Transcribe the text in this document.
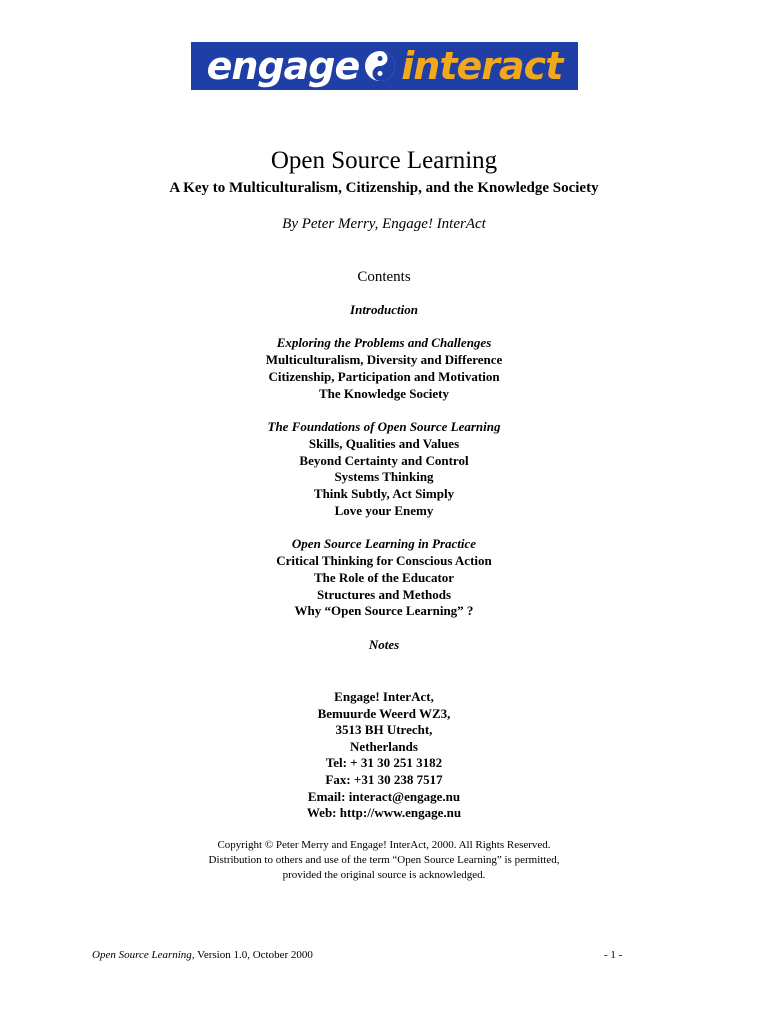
engage interact
Open Source Learning
A Key to Multiculturalism, Citizenship, and the Knowledge Society
By Peter Merry, Engage! InterAct
Contents
Introduction
Exploring the Problems and Challenges
Multiculturalism, Diversity and Difference
Citizenship, Participation and Motivation
The Knowledge Society
The Foundations of Open Source Learning
Skills, Qualities and Values
Beyond Certainty and Control
Systems Thinking
Think Subtly, Act Simply
Love your Enemy
Open Source Learning in Practice
Critical Thinking for Conscious Action
The Role of the Educator
Structures and Methods
Why “Open Source Learning” ?
Notes
Engage! InterAct,
Bemuurde Weerd WZ3,
3513 BH Utrecht,
Netherlands
Tel: + 31 30 251 3182
Fax: +31 30 238 7517
Email: interact@engage.nu
Web: http://www.engage.nu
Copyright © Peter Merry and Engage! InterAct, 2000. All Rights Reserved.
Distribution to others and use of the term “Open Source Learning” is permitted,
provided the original source is acknowledged.
Open Source Learning, Version 1.0, October 2000	- 1 -
